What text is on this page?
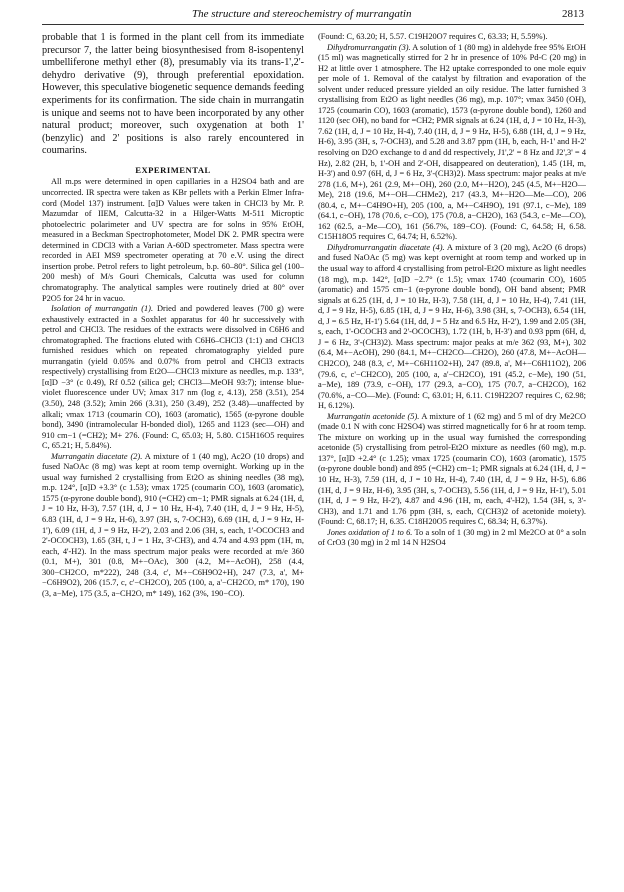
The structure and stereochemistry of murrangatin	2813

probable that 1 is formed in the plant cell from its immediate precursor 7, the latter being biosynthesised from 8-isopentenyl umbelliferone methyl ether (8), presumably via its trans-1',2'-dehydro derivative (9), through preferential epoxidation. However, this speculative biogenetic sequence demands feeding experiments for its confirmation. The side chain in murrangatin is unique and seems not to have been incorporated by any other natural product; moreover, such oxygenation at both 1' (benzylic) and 2' positions is also rarely encountered in coumarins.

EXPERIMENTAL

All m.ps were determined in open capillaries in a H2SO4 bath and are uncorrected. IR spectra were taken as KBr pellets with a Perkin Elmer Infra-cord (Model 137) instrument. [α]D Values were taken in CHCl3 by Mr. P. Mazumdar of IIEM, Calcutta-32 in a Hilger-Watts M-511 Microptic photoelectric polarimeter and UV spectra are for solns in 95% EtOH, measured in a Beckman Spectrophotometer, Model DK 2. PMR spectra were determined in CDCl3 with a Varian A-60D spectrometer. Mass spectra were recorded in AEI MS9 spectrometer operating at 70 e.V. using the direct insertion probe. Petrol refers to light petroleum, b.p. 60–80°. Silica gel (100–200 mesh) of M/s Gouri Chemicals, Calcutta was used for column chromatography. The analytical samples were routinely dried at 80° over P2O5 for 24 hr in vacuo.

Isolation of murrangatin (1). Dried and powdered leaves (700 g) were exhaustively extracted in a Soxhlet apparatus for 40 hr successively with petrol and CHCl3. The residues of the extracts were dissolved in C6H6 and chromatographed. The fractions eluted with C6H6–CHCl3 (1:1) and CHCl3 furnished residues which on repeated chromatography yielded pure murrangatin (yield 0.05% and 0.07% from petrol and CHCl3 extracts respectively) crystallising from Et2O—CHCl3 mixture as needles, m.p. 133°, [α]D −3° (c 0.49), Rf 0.52 (silica gel; CHCl3—MeOH 93:7); intense blue-violet fluorescence under UV; λmax 317 nm (log ε, 4.13), 258 (3.51), 254 (3.50), 248 (3.52); λmin 266 (3.31), 250 (3.49), 252 (3.48)—unaffected by alkali; νmax 1713 (coumarin CO), 1603 (aromatic), 1565 (α-pyrone double bond), 3490 (intramolecular H-bonded diol), 1265 and 1123 (sec—OH) and 910 cm−1 (=CH2); M+ 276. (Found: C, 65.03; H, 5.80. C15H16O5 requires C, 65.21; H, 5.84%).

Murrangatin diacetate (2). A mixture of 1 (40 mg), Ac2O (10 drops) and fused NaOAc (8 mg) was kept at room temp overnight. Working up in the usual way furnished 2 crystallising from Et2O as shining needles (38 mg), m.p. 124°, [α]D +3.3° (c 1.53); νmax 1725 (coumarin CO), 1603 (aromatic), 1575 (α-pyrone double bond), 910 (=CH2) cm−1; PMR signals at 6.24 (1H, d, J = 10 Hz, H-3), 7.57 (1H, d, J = 10 Hz, H-4), 7.40 (1H, d, J = 9 Hz, H-5), 6.83 (1H, d, J = 9 Hz, H-6), 3.97 (3H, s, 7-OCH3), 6.69 (1H, d, J = 9 Hz, H-1'), 6.09 (1H, d, J = 9 Hz, H-2'), 2.03 and 2.06 (3H, s, each, 1'-OCOCH3 and 2'-OCOCH3), 1.65 (3H, t, J = 1 Hz, 3'-CH3), and 4.74 and 4.93 ppm (1H, m, each, 4'-H2). In the mass spectrum major peaks were recorded at m/e 360 (0.1, M+), 301 (0.8, M+−OAc), 300 (4.2, M+−AcOH), 258 (4.4, 300−CH2CO, m*222), 248 (3.4, c', M+−C6H9O2+H), 247 (7.3, a', M+−C6H9O2), 206 (15.7, c, c'−CH2CO), 205 (100, a, a'−CH2CO, m* 170), 190 (3, a−Me), 175 (3.5, a−CH2O, m* 149), 162 (3%, 190−CO).

(Found: C, 63.20; H, 5.57. C19H20O7 requires C, 63.33; H, 5.59%).

Dihydromurrangatin (3). A solution of 1 (80 mg) in aldehyde free 95% EtOH (15 ml) was magnetically stirred for 2 hr in presence of 10% Pd-C (20 mg) in H2 at little over 1 atmosphere. The H2 uptake corresponded to one mole equiv per mole of 1. Removal of the catalyst by filtration and evaporation of the solvent under reduced pressure yielded an oily residue. The latter furnished 3 crystallising from Et2O as light needles (36 mg), m.p. 107°; νmax 3450 (OH), 1725 (coumarin CO), 1603 (aromatic), 1573 (α-pyrone double bond), 1260 and 1120 (sec OH), no band for =CH2; PMR signals at 6.24 (1H, d, J = 10 Hz, H-3), 7.62 (1H, d, J = 10 Hz, H-4), 7.40 (1H, d, J = 9 Hz, H-5), 6.88 (1H, d, J = 9 Hz, H-6), 3.95 (3H, s, 7-OCH3), and 5.28 and 3.87 ppm (1H, b, each, H-1' and H-2' resolving on D2O exchange to d and dd respectively, J1',2' = 8 Hz and J2',3' = 4 Hz), 2.82 (2H, b, 1'-OH and 2'-OH, disappeared on deuteration), 1.45 (1H, m, H-3') and 0.97 (6H, d, J = 6 Hz, 3'-(CH3)2). Mass spectrum: major peaks at m/e 278 (1.6, M+), 261 (2.9, M+−OH), 260 (2.0, M+−H2O), 245 (4.5, M+−H2O—Me), 218 (19.6, M+−OH—CHMe2), 217 (43.3, M+−H2O—Me—CO), 206 (80.4, c, M+−C4H9O+H), 205 (100, a, M+−C4H9O), 191 (97.1, c−Me), 189 (64.1, c−OH), 178 (70.6, c−CO), 175 (70.8, a−CH2O), 163 (54.3, c−Me—CO), 162 (62.5, a−Me—CO), 161 (56.7%, 189−CO). (Found: C, 64.58; H, 6.58. C15H18O5 requires C, 64.74; H, 6.52%).

Dihydromurrangatin diacetate (4). A mixture of 3 (20 mg), Ac2O (6 drops) and fused NaOAc (5 mg) was kept overnight at room temp and worked up in the usual way to afford 4 crystallising from petrol-Et2O mixture as light needles (18 mg), m.p. 142°, [α]D −2.7° (c 1.5); νmax 1740 (coumarin CO), 1605 (aromatic) and 1575 cm−1 (α-pyrone double bond), OH band absent; PMR signals at 6.25 (1H, d, J = 10 Hz, H-3), 7.58 (1H, d, J = 10 Hz, H-4), 7.41 (1H, d, J = 9 Hz, H-5), 6.85 (1H, d, J = 9 Hz, H-6), 3.98 (3H, s, 7-OCH3), 6.54 (1H, d, J = 6.5 Hz, H-1') 5.64 (1H, dd, J = 5 Hz and 6.5 Hz, H-2'), 1.99 and 2.05 (3H, s, each, 1'-OCOCH3 and 2'-OCOCH3), 1.72 (1H, b, H-3') and 0.93 ppm (6H, d, J = 6 Hz, 3'-(CH3)2). Mass spectrum: major peaks at m/e 362 (93, M+), 302 (6.4, M+−AcOH), 290 (84.1, M+−CH2CO—CH2O), 260 (47.8, M+−AcOH—CH2CO), 248 (8.3, c', M+−C6H11O2+H), 247 (89.8, a', M+−C6H11O2), 206 (79.6, c, c'−CH2CO), 205 (100, a, a'−CH2CO), 191 (45.2, c−Me), 190 (51, a−Me), 189 (73.9, c−OH), 177 (29.3, a−CO), 175 (70.7, a−CH2CO), 162 (70.6%, a−CO—Me). (Found: C, 63.01; H, 6.11. C19H22O7 requires C, 62.98; H, 6.12%).

Murrangatin acetonide (5). A mixture of 1 (62 mg) and 5 ml of dry Me2CO (made 0.1 N with conc H2SO4) was stirred magnetically for 6 hr at room temp. The mixture on working up in the usual way furnished the corresponding acetonide (5) crystallising from petrol-Et2O mixture as needles (60 mg), m.p. 137°, [α]D +2.4° (c 1.25); νmax 1725 (coumarin CO), 1603 (aromatic), 1575 (α-pyrone double bond) and 895 (=CH2) cm−1; PMR signals at 6.24 (1H, d, J = 10 Hz, H-3), 7.59 (1H, d, J = 10 Hz, H-4), 7.40 (1H, d, J = 9 Hz, H-5), 6.86 (1H, d, J = 9 Hz, H-6), 3.95 (3H, s, 7-OCH3), 5.56 (1H, d, J = 9 Hz, H-1'), 5.01 (1H, d, J = 9 Hz, H-2'), 4.87 and 4.96 (1H, m, each, 4'-H2), 1.54 (3H, s, 3'-CH3), and 1.71 and 1.76 ppm (3H, s, each, C(CH3)2 of acetonide moiety). (Found: C, 68.17; H, 6.35. C18H20O5 requires C, 68.34; H, 6.37%).

Jones oxidation of 1 to 6. To a soln of 1 (30 mg) in 2 ml Me2CO at 0° a soln of CrO3 (30 mg) in 2 ml 14 N H2SO4
